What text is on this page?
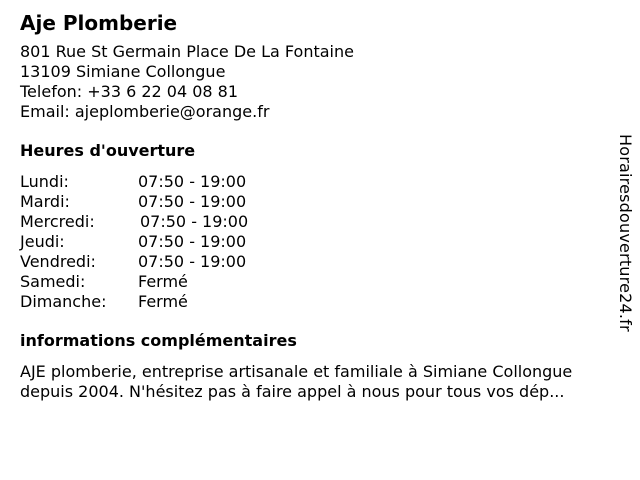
Aje Plomberie
801 Rue St Germain Place De La Fontaine
13109 Simiane Collongue
Telefon: +33 6 22 04 08 81
Email: ajeplomberie@orange.fr
Heures d'ouverture
Lundi:	07:50 - 19:00
Mardi:	07:50 - 19:00
Mercredi:	07:50 - 19:00
Jeudi:	07:50 - 19:00
Vendredi:	07:50 - 19:00
Samedi:	Fermé
Dimanche:	Fermé
informations complémentaires
AJE plomberie, entreprise artisanale et familiale à Simiane Collongue depuis 2004. N'hésitez pas à faire appel à nous pour tous vos dép...
Horairesdouverture24.fr
